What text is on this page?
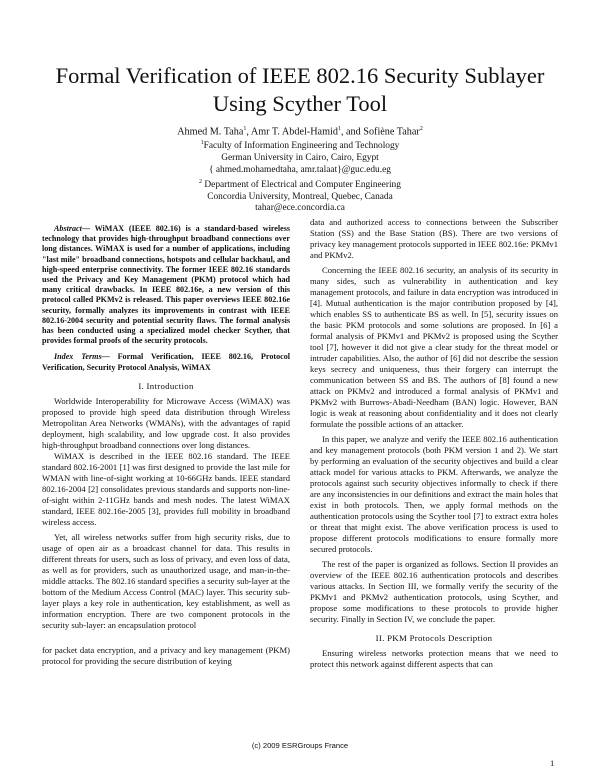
Formal Verification of IEEE 802.16 Security Sublayer Using Scyther Tool
Ahmed M. Taha$^1$, Amr T. Abdel-Hamid$^1$, and Sofiène Tahar$^2$
$^1$Faculty of Information Engineering and Technology
German University in Cairo, Cairo, Egypt
{ ahmed.mohamedtaha, amr.talaat}@guc.edu.eg
$^2$ Department of Electrical and Computer Engineering
Concordia University, Montreal, Quebec, Canada
tahar@ece.concordia.ca

Abstract— WiMAX (IEEE 802.16) is a standard-based wireless technology that provides high-throughput broadband connections over long distances. WiMAX is used for a number of applications, including "last mile" broadband connections, hotspots and cellular backhaul, and high-speed enterprise connectivity. The former IEEE 802.16 standards used the Privacy and Key Management (PKM) protocol which had many critical drawbacks. In IEEE 802.16e, a new version of this protocol called PKMv2 is released. This paper overviews IEEE 802.16e security, formally analyzes its improvements in contrast with IEEE 802.16-2004 security and potential security flaws. The formal analysis has been conducted using a specialized model checker Scyther, that provides formal proofs of the security protocols.

Index Terms— Formal Verification, IEEE 802.16, Protocol Verification, Security Protocol Analysis, WiMAX

I. Introduction

Worldwide Interoperability for Microwave Access (WiMAX) was proposed to provide high speed data distribution through Wireless Metropolitan Area Networks (WMANs), with the advantages of rapid deployment, high scalability, and low upgrade cost. It also provides high-throughput broadband connections over long distances.

WiMAX is described in the IEEE 802.16 standard. The IEEE standard 802.16-2001 [1] was first designed to provide the last mile for WMAN with line-of-sight working at 10-66GHz bands. IEEE standard 802.16-2004 [2] consolidates previous standards and supports non-line-of-sight within 2-11GHz bands and mesh nodes. The latest WiMAX standard, IEEE 802.16e-2005 [3], provides full mobility in broadband wireless access.

Yet, all wireless networks suffer from high security risks, due to usage of open air as a broadcast channel for data. This results in different threats for users, such as loss of privacy, and even loss of data, as well as for providers, such as unauthorized usage, and man-in-the-middle attacks. The 802.16 standard specifies a security sub-layer at the bottom of the Medium Access Control (MAC) layer. This security sub-layer plays a key role in authentication, key establishment, as well as information encryption. There are two component protocols in the security sub-layer: an encapsulation protocol

for packet data encryption, and a privacy and key management (PKM) protocol for providing the secure distribution of keying

data and authorized access to connections between the Subscriber Station (SS) and the Base Station (BS). There are two versions of privacy key management protocols supported in IEEE 802.16e: PKMv1 and PKMv2.

Concerning the IEEE 802.16 security, an analysis of its security in many sides, such as vulnerability in authentication and key management protocols, and failure in data encryption was introduced in [4]. Mutual authentication is the major contribution proposed by [4], which enables SS to authenticate BS as well. In [5], security issues on the basic PKM protocols and some solutions are proposed. In [6] a formal analysis of PKMv1 and PKMv2 is proposed using the Scyther tool [7], however it did not give a clear study for the threat model or intruder capabilities. Also, the author of [6] did not describe the session keys secrecy and uniqueness, thus their forgery can interrupt the communication between SS and BS. The authors of [8] found a new attack on PKMv2 and introduced a formal analysis of PKMv1 and PKMv2 with Burrows-Abadi-Needham (BAN) logic. However, BAN logic is weak at reasoning about confidentiality and it does not clearly formulate the possible actions of an attacker.

In this paper, we analyze and verify the IEEE 802.16 authentication and key management protocols (both PKM version 1 and 2). We start by performing an evaluation of the security objectives and build a clear attack model for various attacks to PKM. Afterwards, we analyze the protocols against such security objectives informally to check if there are any inconsistencies in our definitions and extract the main holes that exist in both protocols. Then, we apply formal methods on the authentication protocols using the Scyther tool [7] to extract extra holes or threat that might exist. The above verification process is used to propose different protocols modifications to ensure formally more secured protocols.

The rest of the paper is organized as follows. Section II provides an overview of the IEEE 802.16 authentication protocols and describes various attacks. In Section III, we formally verify the security of the PKMv1 and PKMv2 authentication protocols, using Scyther, and propose some modifications to these protocols to provide higher security. Finally in Section IV, we conclude the paper.

II. PKM Protocols Description

Ensuring wireless networks protection means that we need to protect this network against different aspects that can

(c) 2009 ESRGroups France
1
